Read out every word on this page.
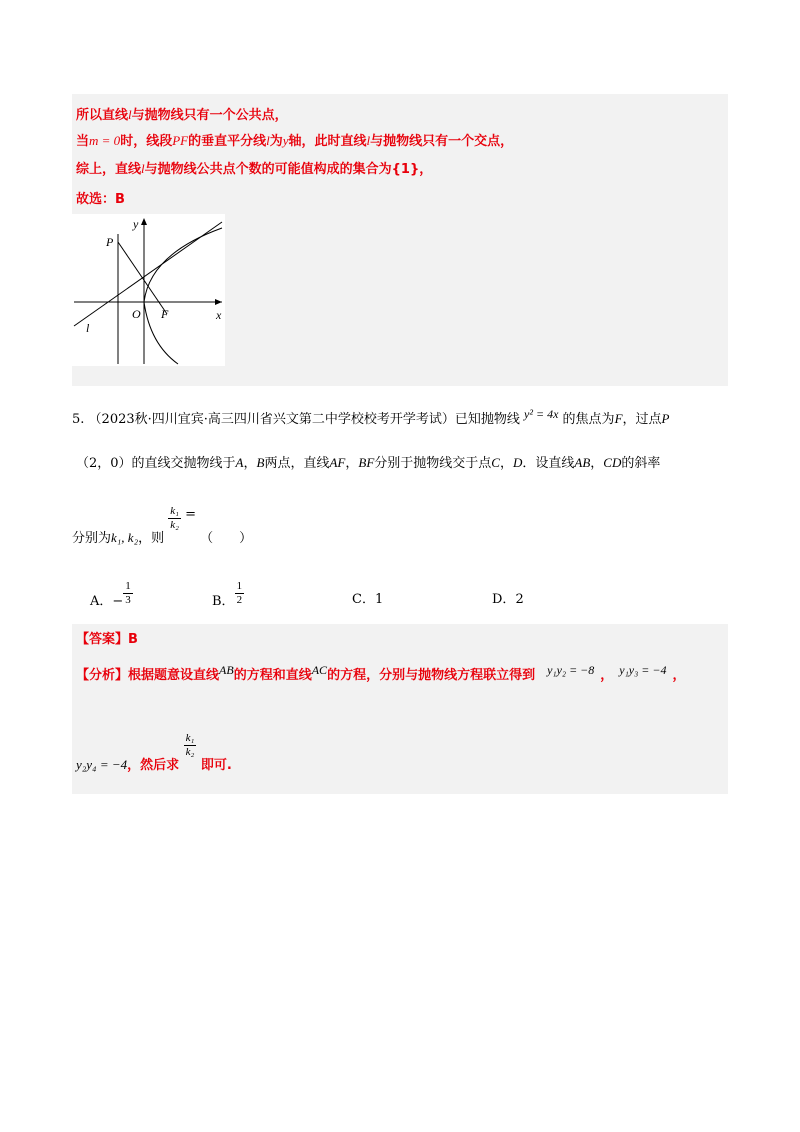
所以直线l与抛物线只有一个公共点，
当m = 0时，线段PF的垂直平分线l为y轴，此时直线l与抛物线只有一个交点，
综上，直线l与抛物线公共点个数的可能值构成的集合为{1}，
故选：B
y
x
P
O F
l
5. （2023秋·四川宜宾·高三四川省兴文第二中学校校考开学考试）已知抛物线 y² = 4x 的焦点为F，过点P
（2，0）的直线交抛物线于A，B两点，直线AF，BF分别于抛物线交于点C，D．设直线AB，CD的斜率
分别为k₁, k₂，则
$\frac{\text{k₁}}{\text{k₂}}$ = （　　）
A．− $\frac{1}{3}$	B． $\frac{1}{2}$	C．1	D．2
【答案】B
【分析】根据题意设直线AB的方程和直线AC的方程，分别与抛物线方程联立得到 y₁y₂ = −8 ， y₁y₃ = −4 ，
y₂y₄ = −4，然后求
$\frac{\text{k₁}}{\text{k₂}}$
即可.
